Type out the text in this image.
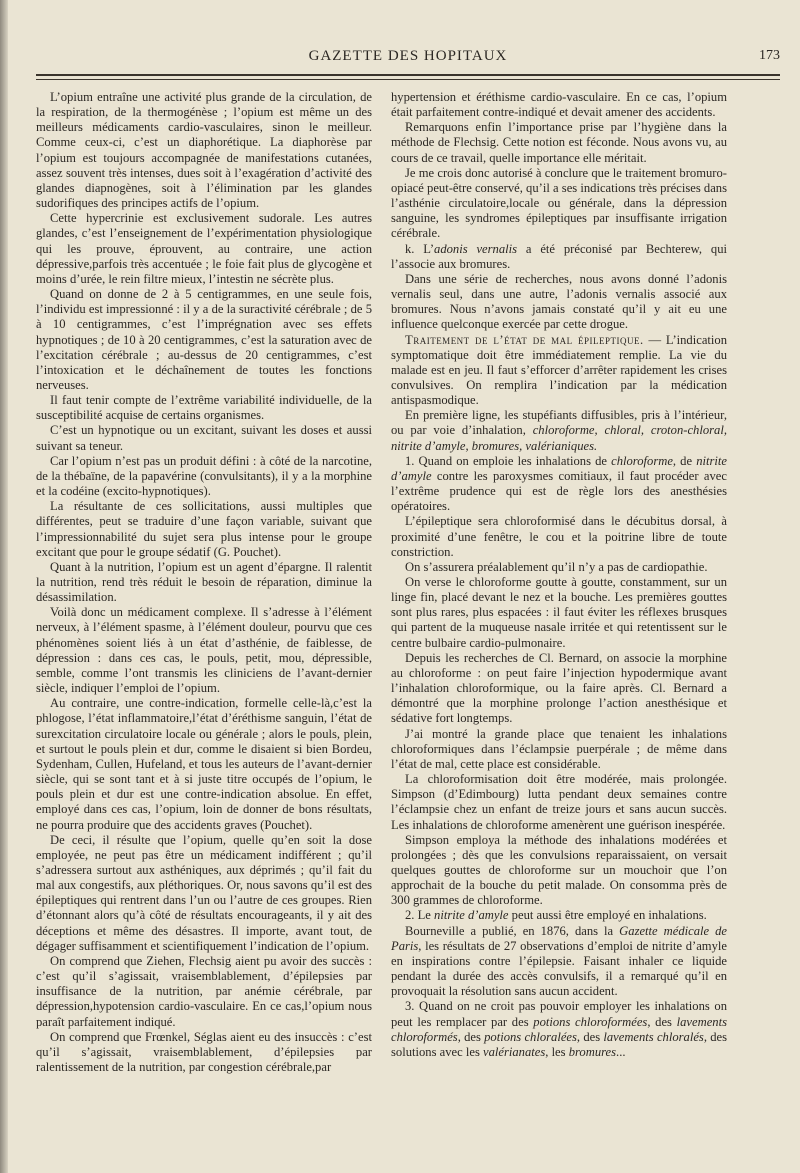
GAZETTE DES HOPITAUX	173

L’opium entraîne une activité plus grande de la circulation, de la respiration, de la thermogénèse ; l’opium est même un des meilleurs médicaments cardio-vasculaires, sinon le meilleur. Comme ceux-ci, c’est un diaphorétique. La diaphorèse par l’opium est toujours accompagnée de manifestations cutanées, assez souvent très intenses, dues soit à l’exagération d’activité des glandes diapnogènes, soit à l’élimination par les glandes sudorifiques des principes actifs de l’opium.

Cette hypercrinie est exclusivement sudorale. Les autres glandes, c’est l’enseignement de l’expérimentation physiologique qui les prouve, éprouvent, au contraire, une action dépressive,parfois très accentuée ; le foie fait plus de glycogène et moins d’urée, le rein filtre mieux, l’intestin ne sécrète plus.

Quand on donne de 2 à 5 centigrammes, en une seule fois, l’individu est impressionné : il y a de la suractivité cérébrale ; de 5 à 10 centigrammes, c’est l’imprégnation avec ses effets hypnotiques ; de 10 à 20 centigrammes, c’est la saturation avec de l’excitation cérébrale ; au-dessus de 20 centigrammes, c’est l’intoxication et le déchaînement de toutes les fonctions nerveuses.

Il faut tenir compte de l’extrême variabilité individuelle, de la susceptibilité acquise de certains organismes.

C’est un hypnotique ou un excitant, suivant les doses et aussi suivant sa teneur.

Car l’opium n’est pas un produit défini : à côté de la narcotine, de la thébaïne, de la papavérine (convulsitants), il y a la morphine et la codéine (excito-hypnotiques).

La résultante de ces sollicitations, aussi multiples que différentes, peut se traduire d’une façon variable, suivant que l’impressionnabilité du sujet sera plus intense pour le groupe excitant que pour le groupe sédatif (G. Pouchet).

Quant à la nutrition, l’opium est un agent d’épargne. Il ralentit la nutrition, rend très réduit le besoin de réparation, diminue la désassimilation.

Voilà donc un médicament complexe. Il s’adresse à l’élément nerveux, à l’élément spasme, à l’élément douleur, pourvu que ces phénomènes soient liés à un état d’asthénie, de faiblesse, de dépression : dans ces cas, le pouls, petit, mou, dépressible, semble, comme l’ont transmis les cliniciens de l’avant-dernier siècle, indiquer l’emploi de l’opium.

Au contraire, une contre-indication, formelle celle-là,c’est la phlogose, l’état inflammatoire,l’état d’éréthisme sanguin, l’état de surexcitation circulatoire locale ou générale ; alors le pouls, plein, et surtout le pouls plein et dur, comme le disaient si bien Bordeu, Sydenham, Cullen, Hufeland, et tous les auteurs de l’avant-dernier siècle, qui se sont tant et à si juste titre occupés de l’opium, le pouls plein et dur est une contre-indication absolue. En effet, employé dans ces cas, l’opium, loin de donner de bons résultats, ne pourra produire que des accidents graves (Pouchet).

De ceci, il résulte que l’opium, quelle qu’en soit la dose employée, ne peut pas être un médicament indifférent ; qu’il s’adressera surtout aux asthéniques, aux déprimés ; qu’il fait du mal aux congestifs, aux pléthoriques. Or, nous savons qu’il est des épileptiques qui rentrent dans l’un ou l’autre de ces groupes. Rien d’étonnant alors qu’à côté de résultats encourageants, il y ait des déceptions et même des désastres. Il importe, avant tout, de dégager suffisamment et scientifiquement l’indication de l’opium.

On comprend que Ziehen, Flechsig aient pu avoir des succès : c’est qu’il s’agissait, vraisemblablement, d’épilepsies par insuffisance de la nutrition, par anémie cérébrale, par dépression,hypotension cardio-vasculaire. En ce cas,l’opium nous paraît parfaitement indiqué.

On comprend que Frœnkel, Séglas aient eu des insuccès : c’est qu’il s’agissait, vraisemblablement, d’épilepsies par ralentissement de la nutrition, par congestion cérébrale,par

hypertension et éréthisme cardio-vasculaire. En ce cas, l’opium était parfaitement contre-indiqué et devait amener des accidents.

Remarquons enfin l’importance prise par l’hygiène dans la méthode de Flechsig. Cette notion est féconde. Nous avons vu, au cours de ce travail, quelle importance elle méritait.

Je me crois donc autorisé à conclure que le traitement bromuro-opiacé peut-être conservé, qu’il a ses indications très précises dans l’asthénie circulatoire,locale ou générale, dans la dépression sanguine, les syndromes épileptiques par insuffisante irrigation cérébrale.

k. L’adonis vernalis a été préconisé par Bechterew, qui l’associe aux bromures.

Dans une série de recherches, nous avons donné l’adonis vernalis seul, dans une autre, l’adonis vernalis associé aux bromures. Nous n’avons jamais constaté qu’il y ait eu une influence quelconque exercée par cette drogue.

Traitement de l’état de mal épileptique. — L’indication symptomatique doit être immédiatement remplie. La vie du malade est en jeu. Il faut s’efforcer d’arrêter rapidement les crises convulsives. On remplira l’indication par la médication antispasmodique.

En première ligne, les stupéfiants diffusibles, pris à l’intérieur, ou par voie d’inhalation, chloroforme, chloral, croton-chloral, nitrite d’amyle, bromures, valérianiques.

1. Quand on emploie les inhalations de chloroforme, de nitrite d’amyle contre les paroxysmes comitiaux, il faut procéder avec l’extrême prudence qui est de règle lors des anesthésies opératoires.

L’épileptique sera chloroformisé dans le décubitus dorsal, à proximité d’une fenêtre, le cou et la poitrine libre de toute constriction.

On s’assurera préalablement qu’il n’y a pas de cardiopathie.

On verse le chloroforme goutte à goutte, constamment, sur un linge fin, placé devant le nez et la bouche. Les premières gouttes sont plus rares, plus espacées : il faut éviter les réflexes brusques qui partent de la muqueuse nasale irritée et qui retentissent sur le centre bulbaire cardio-pulmonaire.

Depuis les recherches de Cl. Bernard, on associe la morphine au chloroforme : on peut faire l’injection hypodermique avant l’inhalation chloroformique, ou la faire après. Cl. Bernard a démontré que la morphine prolonge l’action anesthésique et sédative fort longtemps.

J’ai montré la grande place que tenaient les inhalations chloroformiques dans l’éclampsie puerpérale ; de même dans l’état de mal, cette place est considérable.

La chloroformisation doit être modérée, mais prolongée. Simpson (d’Edimbourg) lutta pendant deux semaines contre l’éclampsie chez un enfant de treize jours et sans aucun succès. Les inhalations de chloroforme amenèrent une guérison inespérée.

Simpson employa la méthode des inhalations modérées et prolongées ; dès que les convulsions reparaissaient, on versait quelques gouttes de chloroforme sur un mouchoir que l’on approchait de la bouche du petit malade. On consomma près de 300 grammes de chloroforme.

2. Le nitrite d’amyle peut aussi être employé en inhalations.

Bourneville a publié, en 1876, dans la Gazette médicale de Paris, les résultats de 27 observations d’emploi de nitrite d’amyle en inspirations contre l’épilepsie. Faisant inhaler ce liquide pendant la durée des accès convulsifs, il a remarqué qu’il en provoquait la résolution sans aucun accident.

3. Quand on ne croit pas pouvoir employer les inhalations on peut les remplacer par des potions chloroformées, des lavements chloroformés, des potions chloralées, des lavements chloralés, des solutions avec les valérianates, les bromures...
